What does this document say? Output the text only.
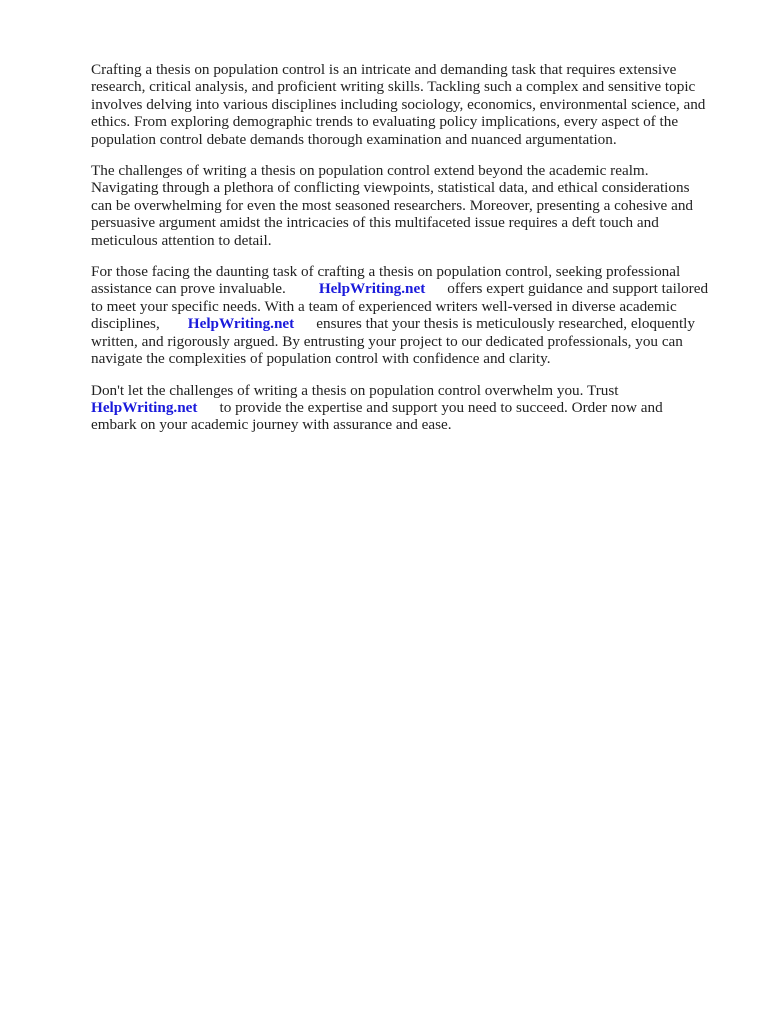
Crafting a thesis on population control is an intricate and demanding task that requires extensive
research, critical analysis, and proficient writing skills. Tackling such a complex and sensitive topic
involves delving into various disciplines including sociology, economics, environmental science, and
ethics. From exploring demographic trends to evaluating policy implications, every aspect of the
population control debate demands thorough examination and nuanced argumentation.

The challenges of writing a thesis on population control extend beyond the academic realm.
Navigating through a plethora of conflicting viewpoints, statistical data, and ethical considerations
can be overwhelming for even the most seasoned researchers. Moreover, presenting a cohesive and
persuasive argument amidst the intricacies of this multifaceted issue requires a deft touch and
meticulous attention to detail.

For those facing the daunting task of crafting a thesis on population control, seeking professional
assistance can prove invaluable. HelpWriting.net offers expert guidance and support tailored
to meet your specific needs. With a team of experienced writers well-versed in diverse academic
disciplines, HelpWriting.net ensures that your thesis is meticulously researched, eloquently
written, and rigorously argued. By entrusting your project to our dedicated professionals, you can
navigate the complexities of population control with confidence and clarity.

Don't let the challenges of writing a thesis on population control overwhelm you. Trust
HelpWriting.net to provide the expertise and support you need to succeed. Order now and
embark on your academic journey with assurance and ease.
